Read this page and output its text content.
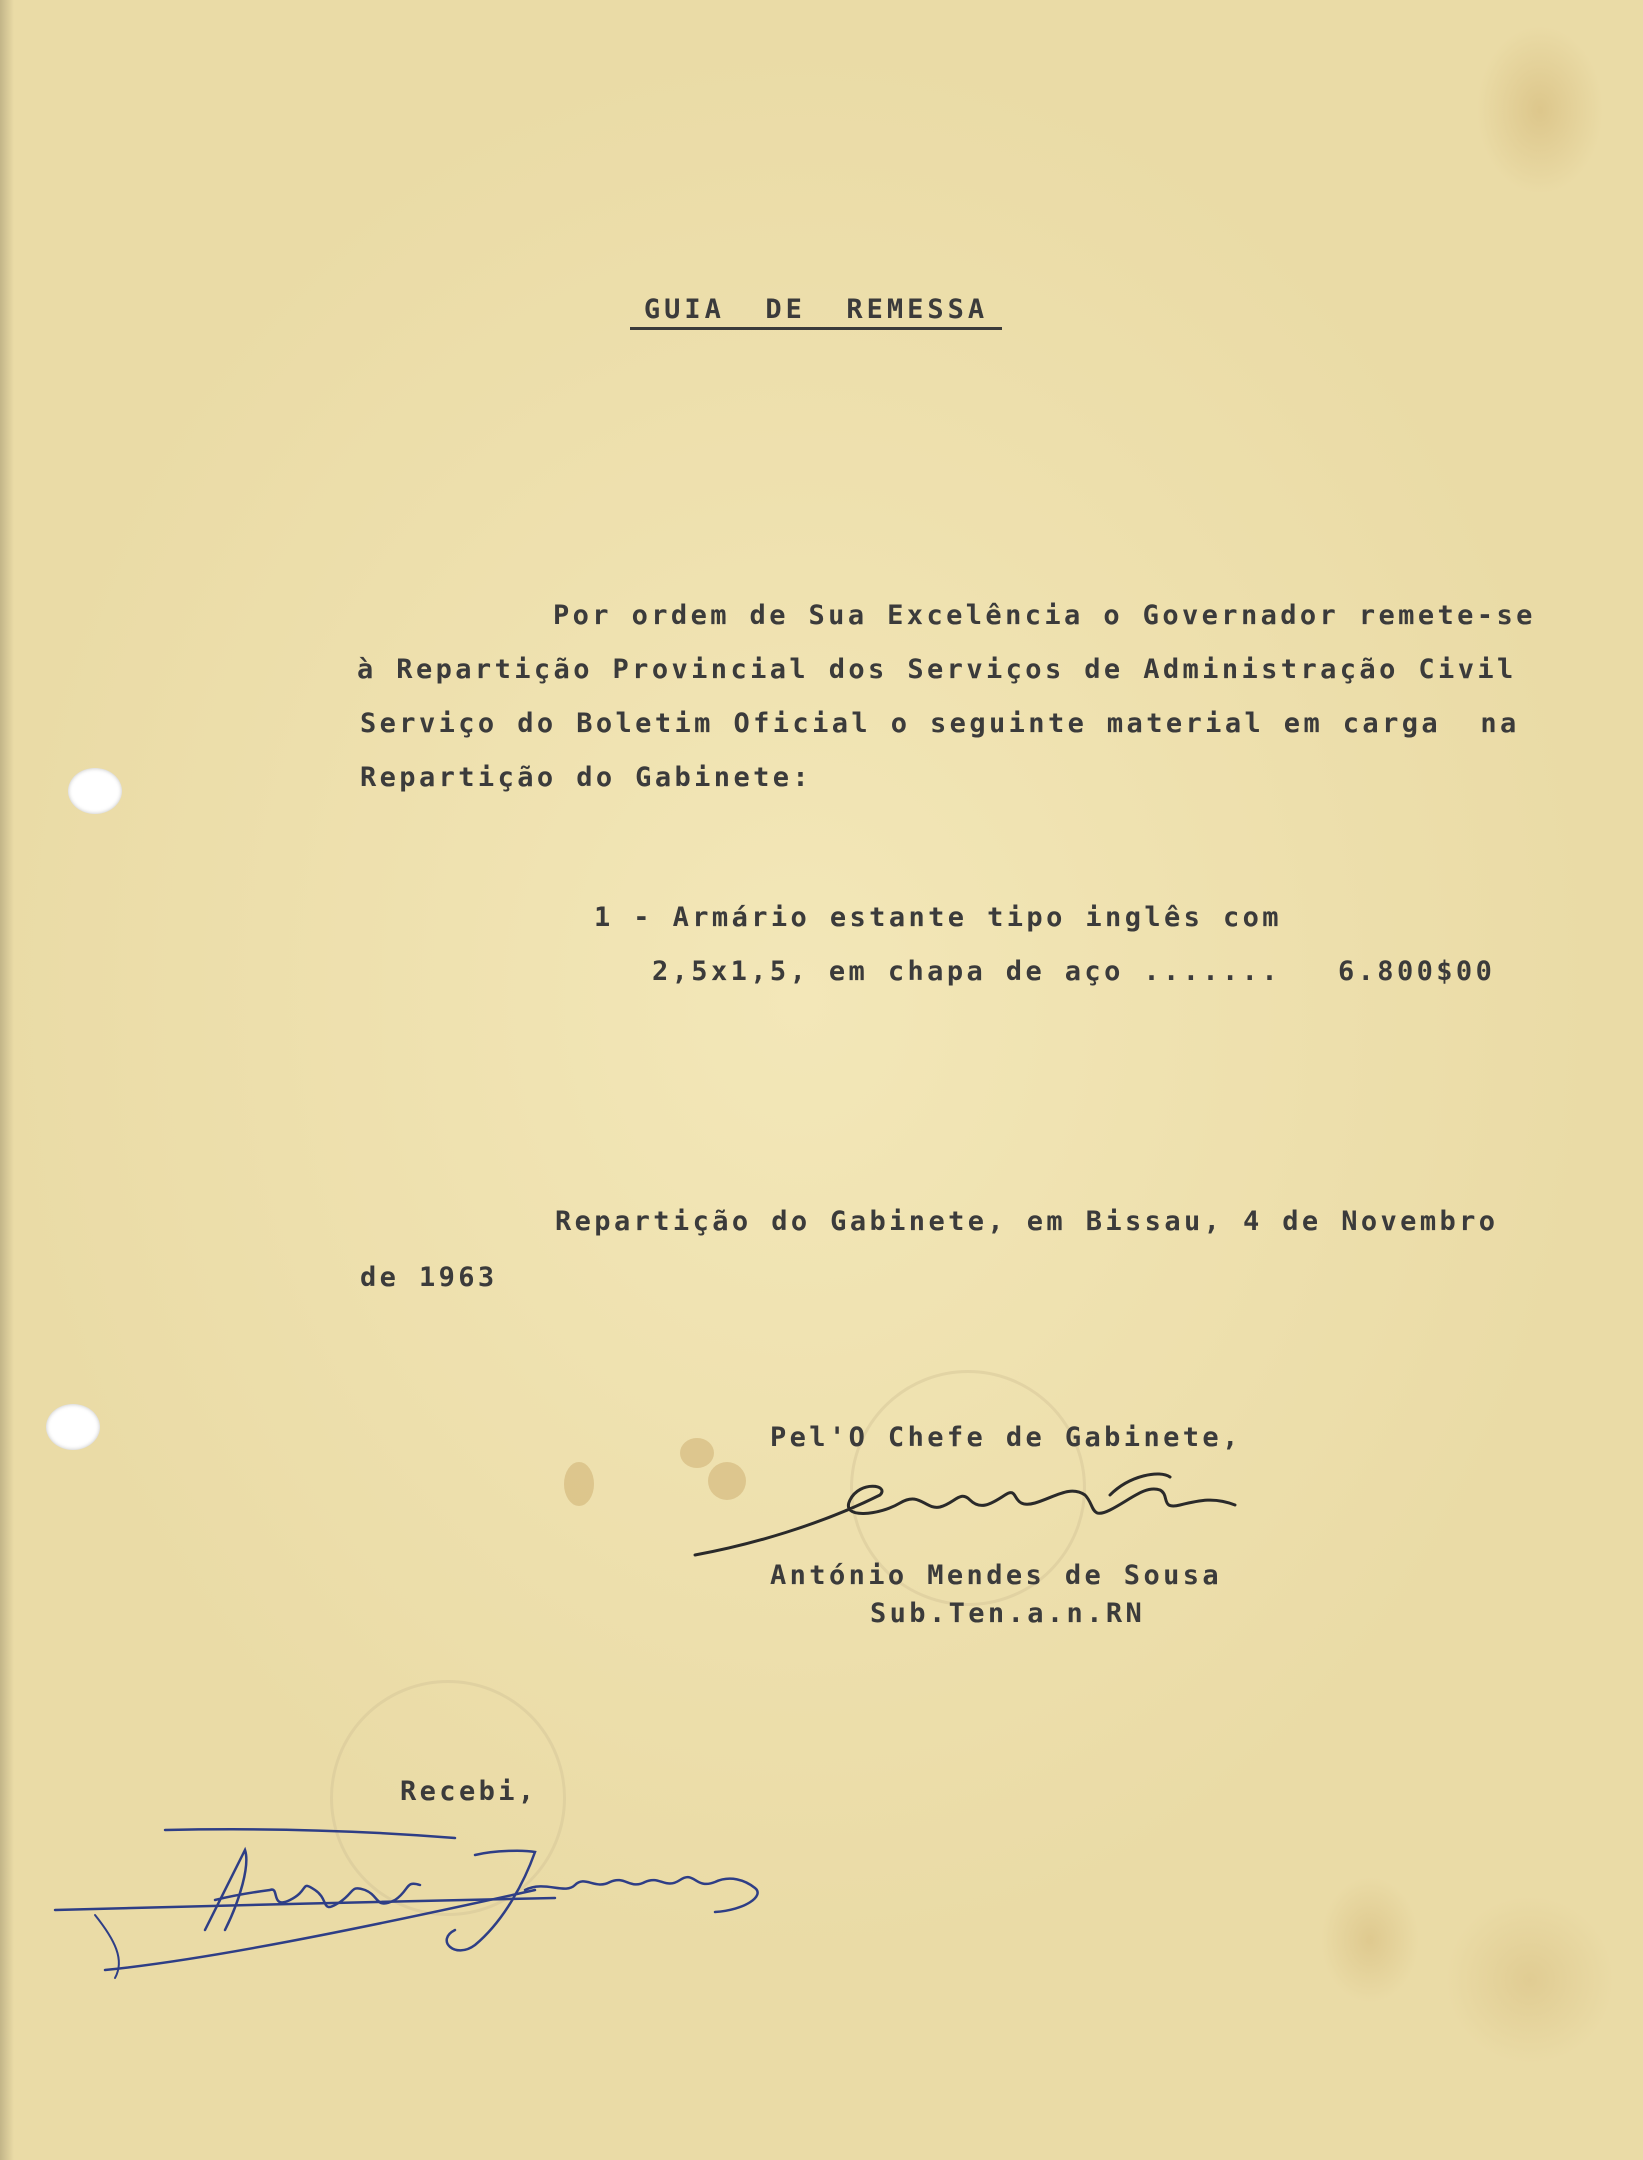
GUIA  DE  REMESSA
Por ordem de Sua Excelência o Governador remete-se
à Repartição Provincial dos Serviços de Administração Civil
Serviço do Boletim Oficial o seguinte material em carga  na
Repartição do Gabinete:
1 - Armário estante tipo inglês com
2,5x1,5, em chapa de aço ....... 6.800$00
Repartição do Gabinete, em Bissau, 4 de Novembro
de 1963
Pel'O Chefe de Gabinete,
António Mendes de Sousa
Sub.Ten.a.n.RN
Recebi,
